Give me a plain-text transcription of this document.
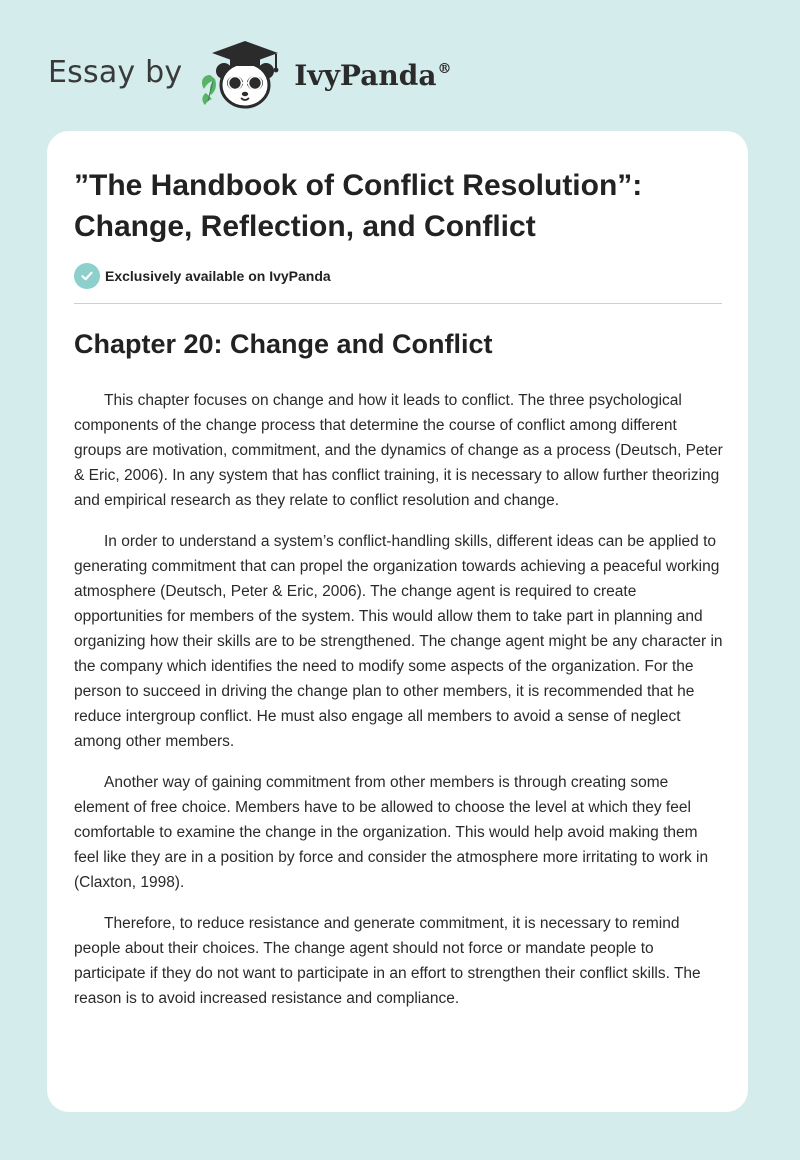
Essay by	IvyPanda®
”The Handbook of Conflict Resolution”: Change, Reflection, and Conflict
Exclusively available on IvyPanda
Chapter 20: Change and Conflict

This chapter focuses on change and how it leads to conflict. The three psychological components of the change process that determine the course of conflict among different groups are motivation, commitment, and the dynamics of change as a process (Deutsch, Peter & Eric, 2006). In any system that has conflict training, it is necessary to allow further theorizing and empirical research as they relate to conflict resolution and change.

In order to understand a system’s conflict-handling skills, different ideas can be applied to generating commitment that can propel the organization towards achieving a peaceful working atmosphere (Deutsch, Peter & Eric, 2006). The change agent is required to create opportunities for members of the system. This would allow them to take part in planning and organizing how their skills are to be strengthened. The change agent might be any character in the company which identifies the need to modify some aspects of the organization. For the person to succeed in driving the change plan to other members, it is recommended that he reduce intergroup conflict. He must also engage all members to avoid a sense of neglect among other members.

Another way of gaining commitment from other members is through creating some element of free choice. Members have to be allowed to choose the level at which they feel comfortable to examine the change in the organization. This would help avoid making them feel like they are in a position by force and consider the atmosphere more irritating to work in (Claxton, 1998).

Therefore, to reduce resistance and generate commitment, it is necessary to remind people about their choices. The change agent should not force or mandate people to participate if they do not want to participate in an effort to strengthen their conflict skills. The reason is to avoid increased resistance and compliance.
